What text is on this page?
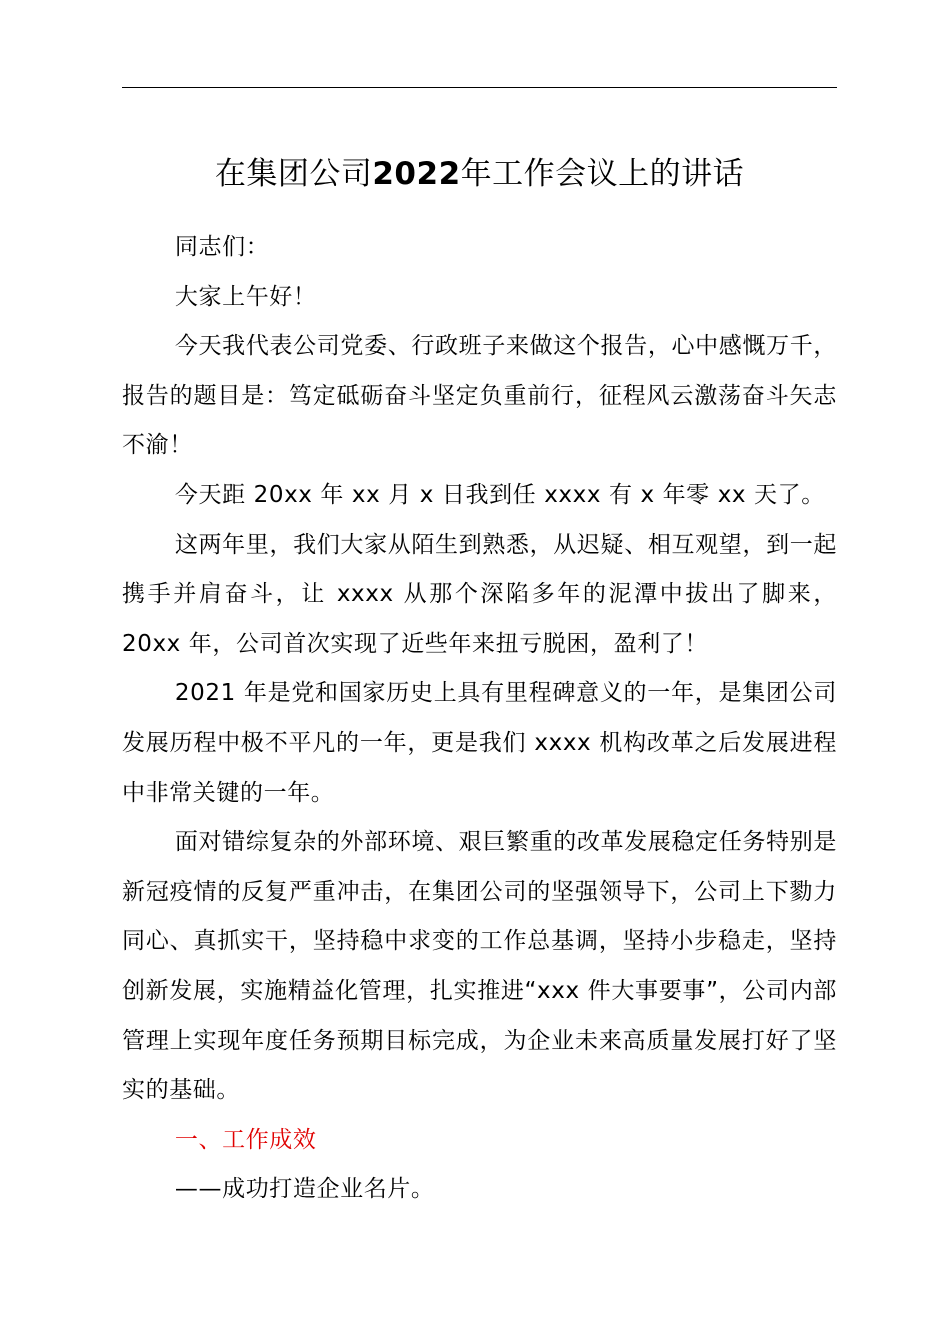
在集团公司2022年工作会议上的讲话

同志们：

大家上午好！

今天我代表公司党委、行政班子来做这个报告，心中感慨万千，报告的题目是：笃定砥砺奋斗坚定负重前行，征程风云激荡奋斗矢志不渝！

今天距 20xx 年 xx 月 x 日我到任 xxxx 有 x 年零 xx 天了。

这两年里，我们大家从陌生到熟悉，从迟疑、相互观望，到一起携手并肩奋斗，让 xxxx 从那个深陷多年的泥潭中拔出了脚来，20xx 年，公司首次实现了近些年来扭亏脱困，盈利了！

2021 年是党和国家历史上具有里程碑意义的一年，是集团公司发展历程中极不平凡的一年，更是我们 xxxx 机构改革之后发展进程中非常关键的一年。

面对错综复杂的外部环境、艰巨繁重的改革发展稳定任务特别是新冠疫情的反复严重冲击，在集团公司的坚强领导下，公司上下勠力同心、真抓实干，坚持稳中求变的工作总基调，坚持小步稳走，坚持创新发展，实施精益化管理，扎实推进“xxx 件大事要事”，公司内部管理上实现年度任务预期目标完成，为企业未来高质量发展打好了坚实的基础。

一、工作成效

——成功打造企业名片。
